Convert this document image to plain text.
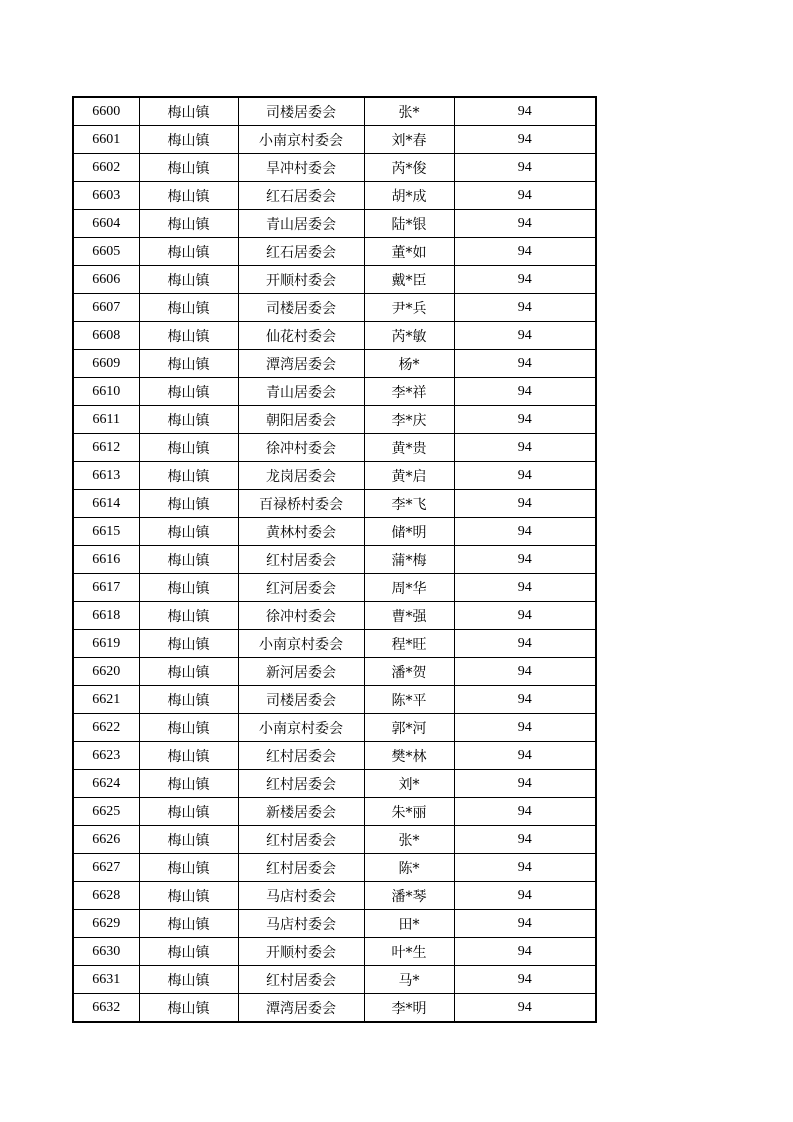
6600	梅山镇	司楼居委会	张*	94
6601	梅山镇	小南京村委会	刘*春	94
6602	梅山镇	旱冲村委会	芮*俊	94
6603	梅山镇	红石居委会	胡*成	94
6604	梅山镇	青山居委会	陆*银	94
6605	梅山镇	红石居委会	董*如	94
6606	梅山镇	开顺村委会	戴*臣	94
6607	梅山镇	司楼居委会	尹*兵	94
6608	梅山镇	仙花村委会	芮*敏	94
6609	梅山镇	潭湾居委会	杨*	94
6610	梅山镇	青山居委会	李*祥	94
6611	梅山镇	朝阳居委会	李*庆	94
6612	梅山镇	徐冲村委会	黄*贵	94
6613	梅山镇	龙岗居委会	黄*启	94
6614	梅山镇	百禄桥村委会	李*飞	94
6615	梅山镇	黄林村委会	储*明	94
6616	梅山镇	红村居委会	蒲*梅	94
6617	梅山镇	红河居委会	周*华	94
6618	梅山镇	徐冲村委会	曹*强	94
6619	梅山镇	小南京村委会	程*旺	94
6620	梅山镇	新河居委会	潘*贺	94
6621	梅山镇	司楼居委会	陈*平	94
6622	梅山镇	小南京村委会	郭*河	94
6623	梅山镇	红村居委会	樊*林	94
6624	梅山镇	红村居委会	刘*	94
6625	梅山镇	新楼居委会	朱*丽	94
6626	梅山镇	红村居委会	张*	94
6627	梅山镇	红村居委会	陈*	94
6628	梅山镇	马店村委会	潘*琴	94
6629	梅山镇	马店村委会	田*	94
6630	梅山镇	开顺村委会	叶*生	94
6631	梅山镇	红村居委会	马*	94
6632	梅山镇	潭湾居委会	李*明	94
